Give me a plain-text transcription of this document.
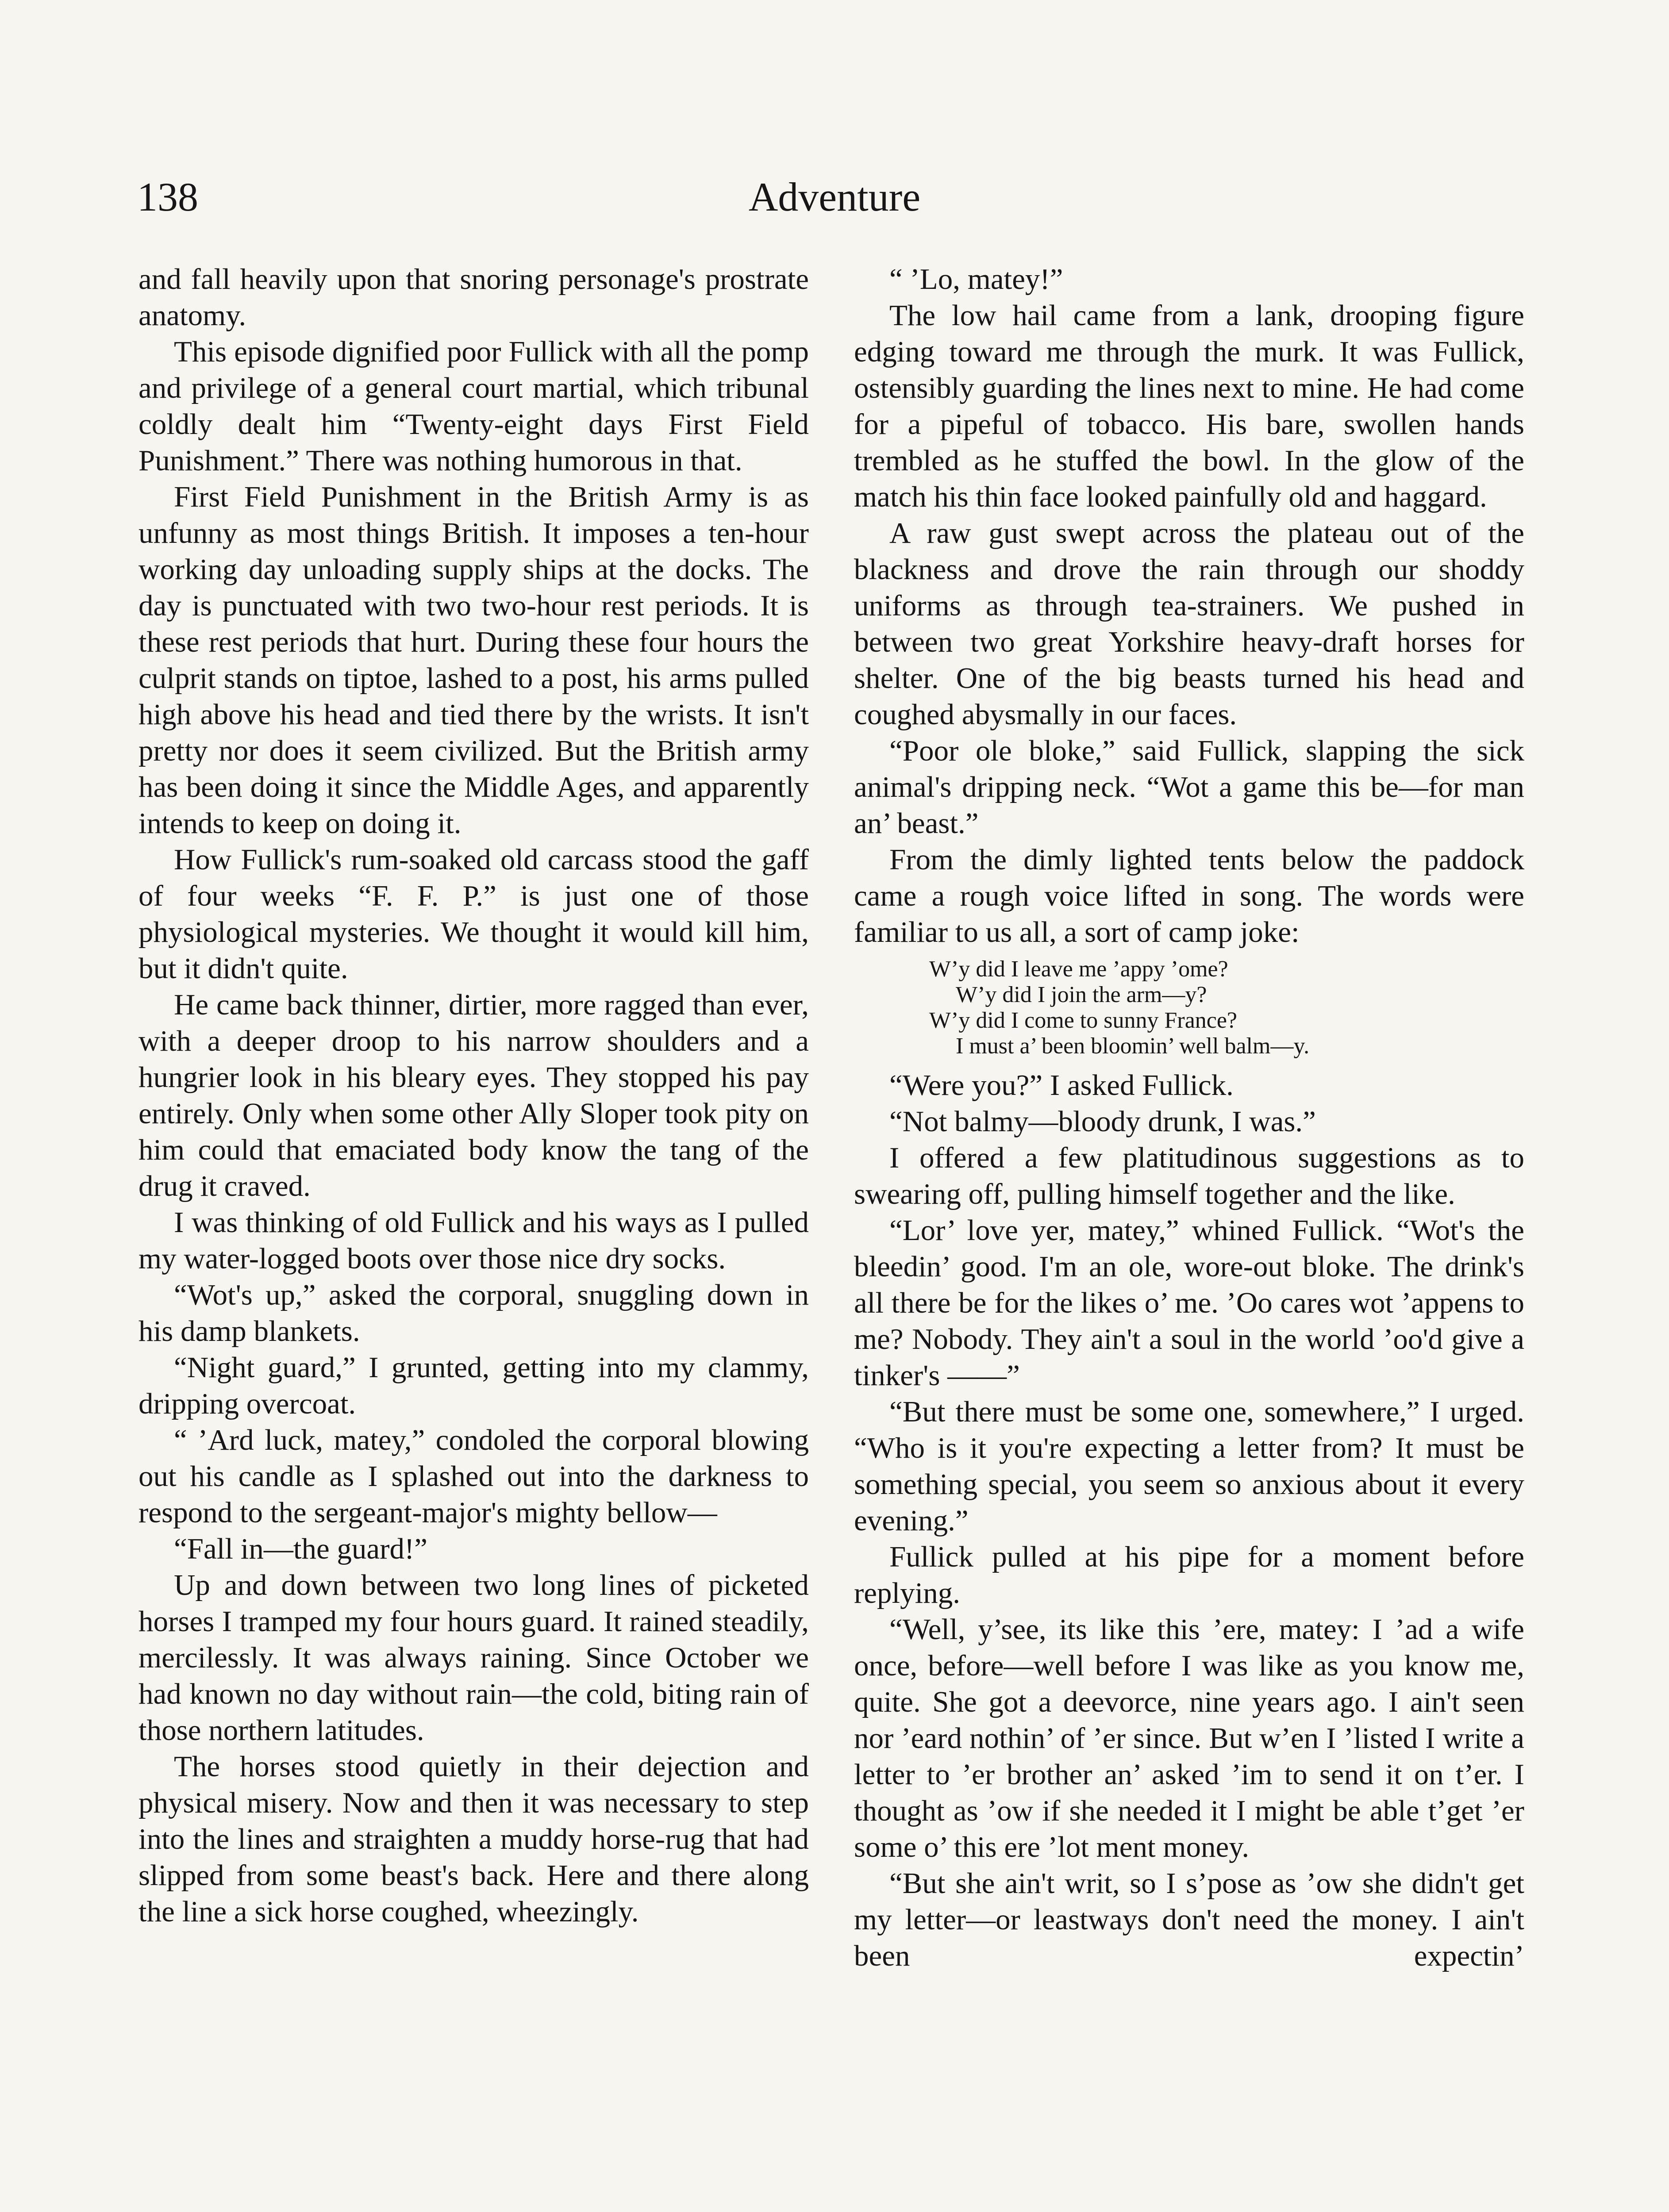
138	Adventure

and fall heavily upon that snoring personage's prostrate anatomy.

This episode dignified poor Fullick with all the pomp and privilege of a general court martial, which tribunal coldly dealt him “Twenty-eight days First Field Punishment.” There was nothing humorous in that.

First Field Punishment in the British Army is as unfunny as most things British. It imposes a ten-hour working day unloading supply ships at the docks. The day is punctuated with two two-hour rest periods. It is these rest periods that hurt. During these four hours the culprit stands on tiptoe, lashed to a post, his arms pulled high above his head and tied there by the wrists. It isn't pretty nor does it seem civilized. But the British army has been doing it since the Middle Ages, and apparently intends to keep on doing it.

How Fullick's rum-soaked old carcass stood the gaff of four weeks “F. F. P.” is just one of those physiological mysteries. We thought it would kill him, but it didn't quite.

He came back thinner, dirtier, more ragged than ever, with a deeper droop to his narrow shoulders and a hungrier look in his bleary eyes. They stopped his pay entirely. Only when some other Ally Sloper took pity on him could that emaciated body know the tang of the drug it craved.

I was thinking of old Fullick and his ways as I pulled my water-logged boots over those nice dry socks.

“Wot's up,” asked the corporal, snuggling down in his damp blankets.

“Night guard,” I grunted, getting into my clammy, dripping overcoat.

“ ’Ard luck, matey,” condoled the corporal blowing out his candle as I splashed out into the darkness to respond to the sergeant-major's mighty bellow—

“Fall in—the guard!”

Up and down between two long lines of picketed horses I tramped my four hours guard. It rained steadily, mercilessly. It was always raining. Since October we had known no day without rain—the cold, biting rain of those northern latitudes.

The horses stood quietly in their dejection and physical misery. Now and then it was necessary to step into the lines and straighten a muddy horse-rug that had slipped from some beast's back. Here and there along the line a sick horse coughed, wheezingly.

“ ’Lo, matey!”

The low hail came from a lank, drooping figure edging toward me through the murk. It was Fullick, ostensibly guarding the lines next to mine. He had come for a pipeful of tobacco. His bare, swollen hands trembled as he stuffed the bowl. In the glow of the match his thin face looked painfully old and haggard.

A raw gust swept across the plateau out of the blackness and drove the rain through our shoddy uniforms as through tea-strainers. We pushed in between two great Yorkshire heavy-draft horses for shelter. One of the big beasts turned his head and coughed abysmally in our faces.

“Poor ole bloke,” said Fullick, slapping the sick animal's dripping neck. “Wot a game this be—for man an’ beast.”

From the dimly lighted tents below the paddock came a rough voice lifted in song. The words were familiar to us all, a sort of camp joke:

W’y did I leave me ’appy ’ome?
W’y did I join the arm—y?
W’y did I come to sunny France?
I must a’ been bloomin’ well balm—y.

“Were you?” I asked Fullick.

“Not balmy—bloody drunk, I was.”

I offered a few platitudinous suggestions as to swearing off, pulling himself together and the like.

“Lor’ love yer, matey,” whined Fullick. “Wot's the bleedin’ good. I'm an ole, wore-out bloke. The drink's all there be for the likes o’ me. ’Oo cares wot ’appens to me? Nobody. They ain't a soul in the world ’oo'd give a tinker's ——”

“But there must be some one, somewhere,” I urged. “Who is it you're expecting a letter from? It must be something special, you seem so anxious about it every evening.”

Fullick pulled at his pipe for a moment before replying.

“Well, y’see, its like this ’ere, matey: I ’ad a wife once, before—well before I was like as you know me, quite. She got a deevorce, nine years ago. I ain't seen nor ’eard nothin’ of ’er since. But w’en I ’listed I write a letter to ’er brother an’ asked ’im to send it on t’er. I thought as ’ow if she needed it I might be able t’get ’er some o’ this ere ’lot ment money.

“But she ain't writ, so I s’pose as ’ow she didn't get my letter—or leastways don't need the money. I ain't been expectin’
